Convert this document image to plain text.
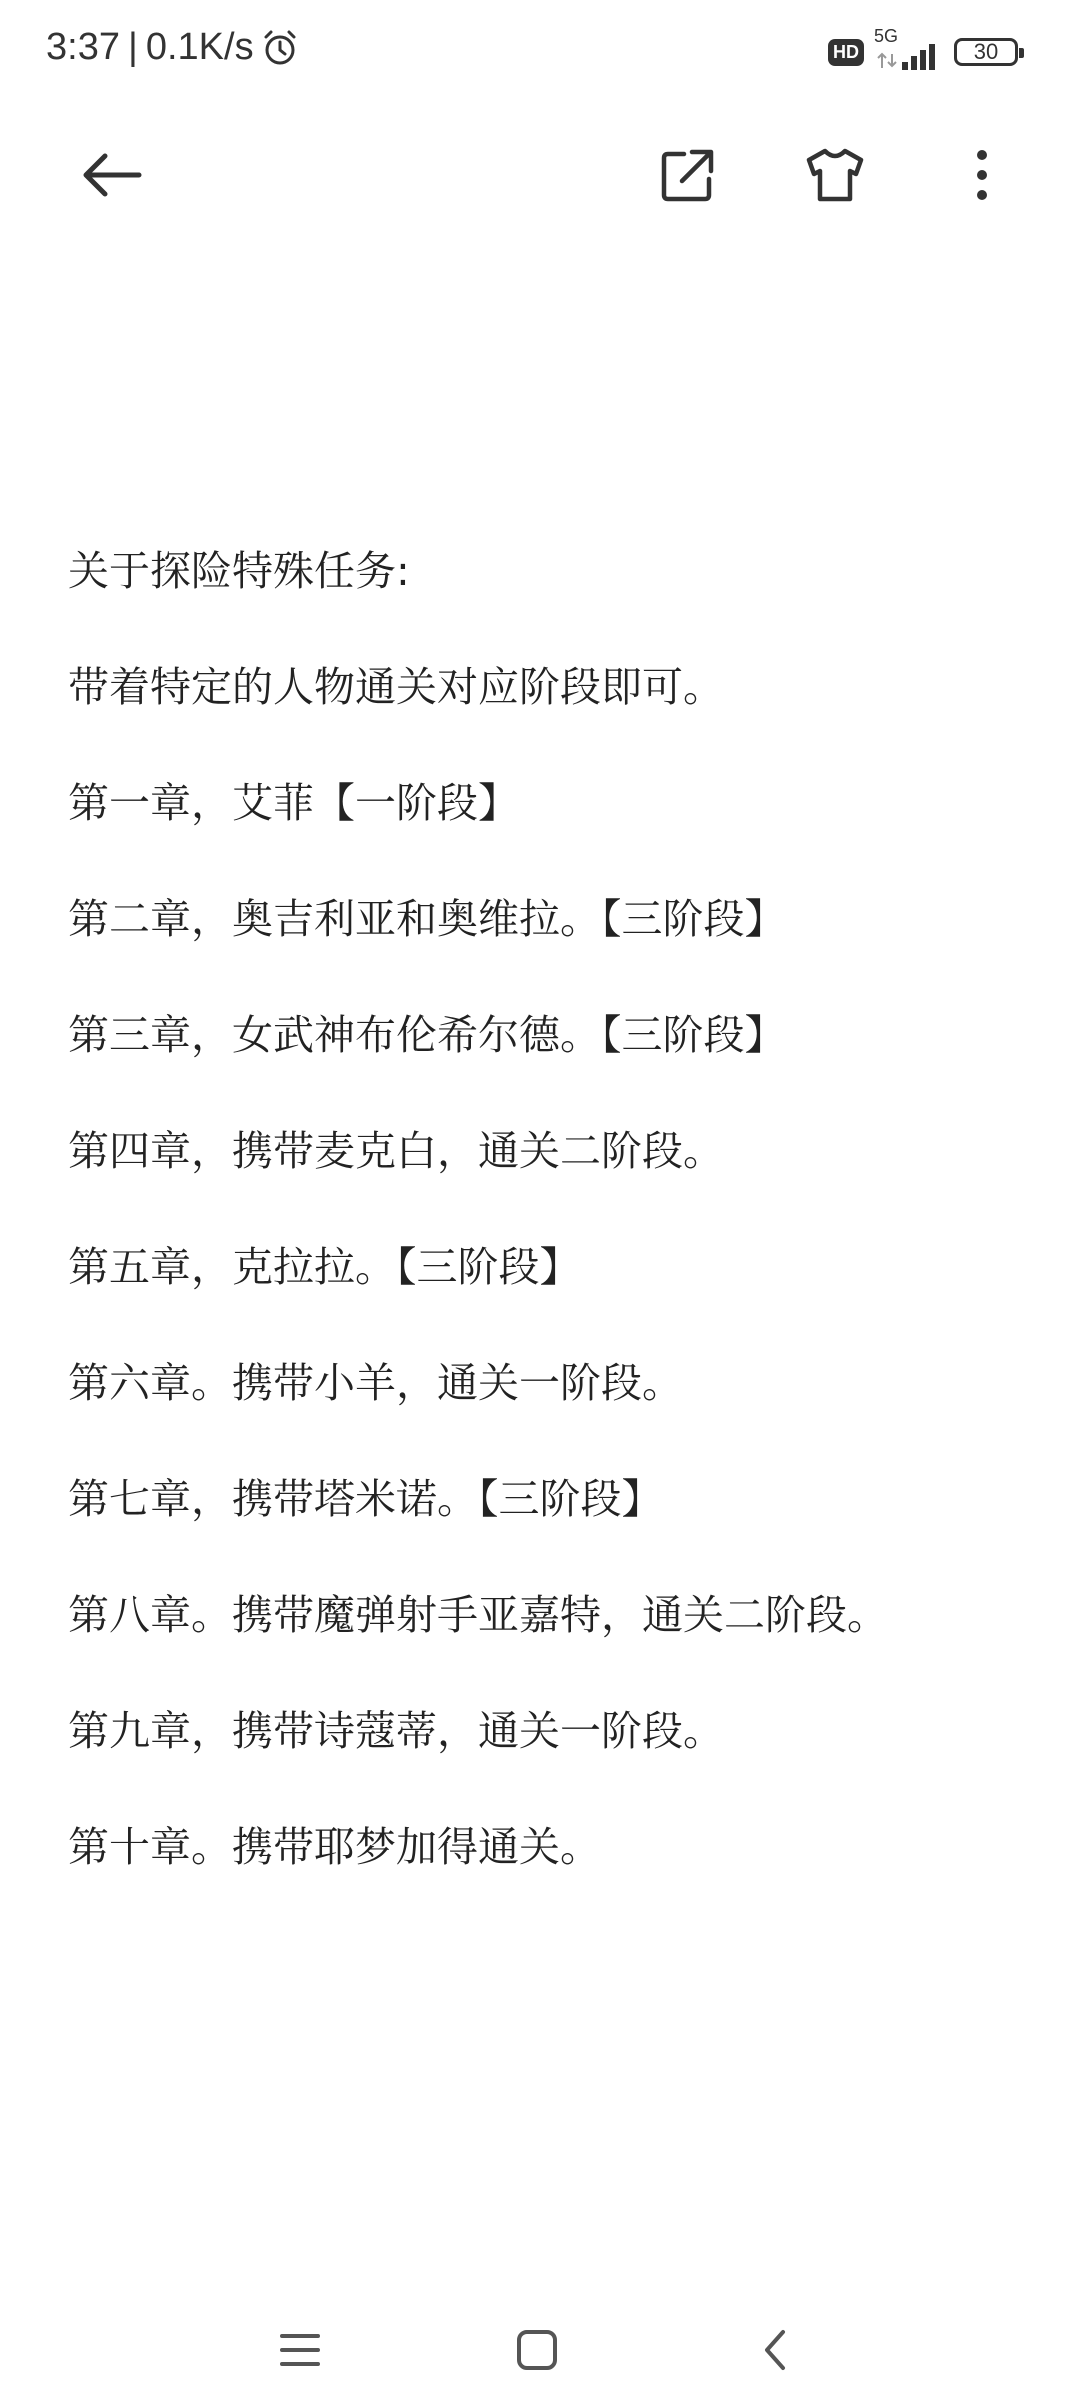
3:37 | 0.1K/s	HD
5G
30
关于探险特殊任务:
带着特定的人物通关对应阶段即可。
第一章，艾菲【一阶段】
第二章，奥吉利亚和奥维拉。【三阶段】
第三章，女武神布伦希尔德。【三阶段】
第四章，携带麦克白，通关二阶段。
第五章，克拉拉。【三阶段】
第六章。携带小羊，通关一阶段。
第七章，携带塔米诺。【三阶段】
第八章。携带魔弹射手亚嘉特，通关二阶段。
第九章，携带诗蔻蒂，通关一阶段。
第十章。携带耶梦加得通关。
